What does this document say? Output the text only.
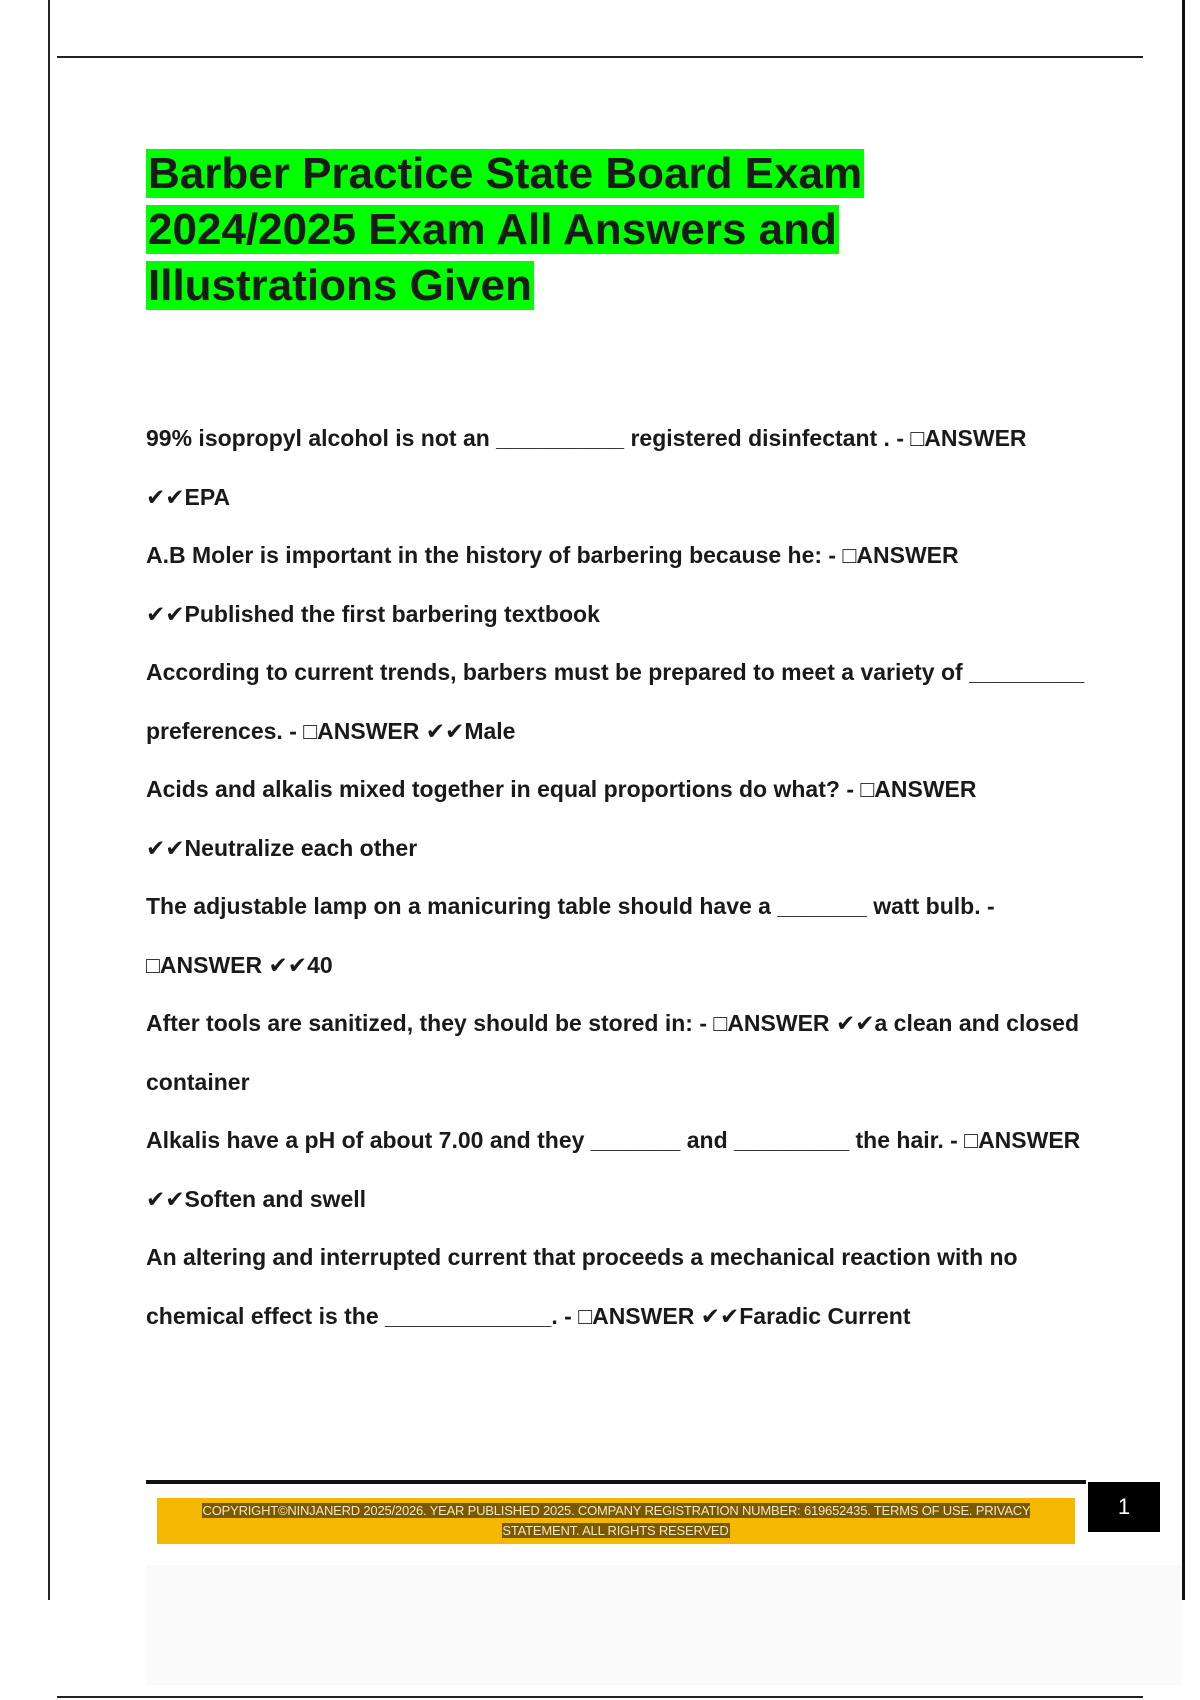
Barber Practice State Board Exam 2024/2025 Exam All Answers and Illustrations Given
99% isopropyl alcohol is not an __________ registered disinfectant . - □ANSWER ✔✔EPA
A.B Moler is important in the history of barbering because he: - □ANSWER ✔✔Published the first barbering textbook
According to current trends, barbers must be prepared to meet a variety of _________ preferences. - □ANSWER ✔✔Male
Acids and alkalis mixed together in equal proportions do what? - □ANSWER ✔✔Neutralize each other
The adjustable lamp on a manicuring table should have a _______ watt bulb. - □ANSWER ✔✔40
After tools are sanitized, they should be stored in: - □ANSWER ✔✔a clean and closed container
Alkalis have a pH of about 7.00 and they _______ and _________ the hair. - □ANSWER ✔✔Soften and swell
An altering and interrupted current that proceeds a mechanical reaction with no chemical effect is the _____________. - □ANSWER ✔✔Faradic Current
COPYRIGHT©NINJANERD 2025/2026. YEAR PUBLISHED 2025. COMPANY REGISTRATION NUMBER: 619652435. TERMS OF USE. PRIVACY STATEMENT. ALL RIGHTS RESERVED
1
